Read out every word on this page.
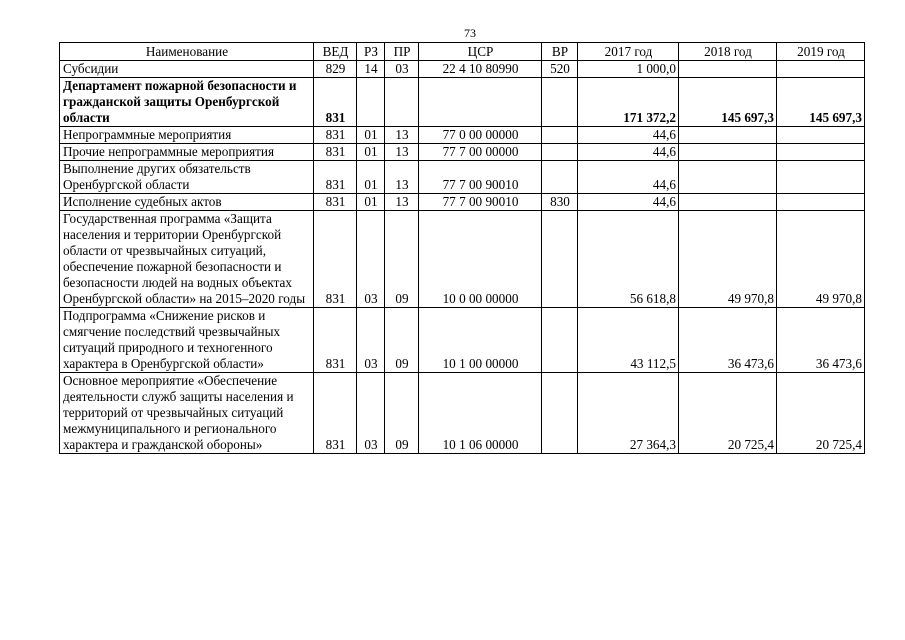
73
Наименование	ВЕД	РЗ	ПР	ЦСР	ВР	2017 год	2018 год	2019 год
Субсидии	829	14	03	22 4 10 80990	520	1 000,0		
Департамент пожарной безопасности и гражданской защиты Оренбургской области	831					171 372,2	145 697,3	145 697,3
Непрограммные мероприятия	831	01	13	77 0 00 00000		44,6		
Прочие непрограммные мероприятия	831	01	13	77 7 00 00000		44,6		
Выполнение других обязательств Оренбургской области	831	01	13	77 7 00 90010		44,6		
Исполнение судебных актов	831	01	13	77 7 00 90010	830	44,6		
Государственная программа «Защита населения и территории Оренбургской области от чрезвычайных ситуаций, обеспечение пожарной безопасности и безопасности людей на водных объектах Оренбургской области» на 2015–2020 годы	831	03	09	10 0 00 00000		56 618,8	49 970,8	49 970,8
Подпрограмма «Снижение рисков и смягчение последствий чрезвычайных ситуаций природного и техногенного характера в Оренбургской области»	831	03	09	10 1 00 00000		43 112,5	36 473,6	36 473,6
Основное мероприятие «Обеспечение деятельности служб защиты населения и территорий от чрезвычайных ситуаций межмуниципального и регионального характера и гражданской обороны»	831	03	09	10 1 06 00000		27 364,3	20 725,4	20 725,4
